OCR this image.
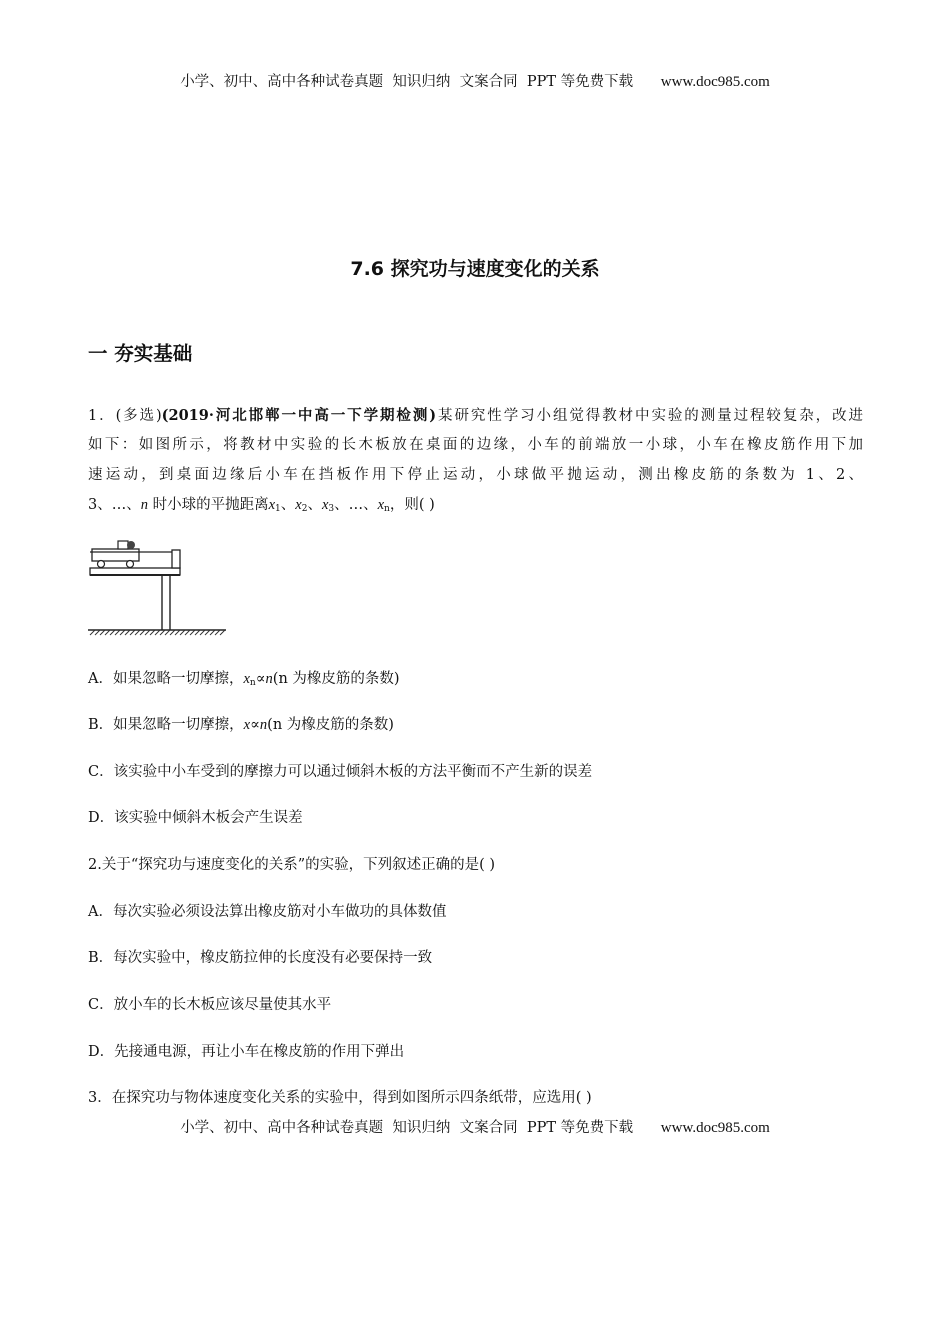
小学、初中、高中各种试卷真题  知识归纳  文案合同  PPT 等免费下载 www.doc985.com
7.6 探究功与速度变化的关系
一 夯实基础
1．(多选)(2019·河北邯郸一中高一下学期检测)某研究性学习小组觉得教材中实验的测量过程较复杂，改进
如下：如图所示，将教材中实验的长木板放在桌面的边缘，小车的前端放一小球，小车在橡皮筋作用下加
速运动，到桌面边缘后小车在挡板作用下停止运动，小球做平抛运动，测出橡皮筋的条数为 1、2、
3、…、n 时小球的平抛距离$x_1$、$x_2$、$x_3$、…、$x_n$，则( )
A．如果忽略一切摩擦，$x_n\propto n(n$ 为橡皮筋的条数)
B．如果忽略一切摩擦，x∝n(n 为橡皮筋的条数)
C．该实验中小车受到的摩擦力可以通过倾斜木板的方法平衡而不产生新的误差
D．该实验中倾斜木板会产生误差
2.关于“探究功与速度变化的关系”的实验，下列叙述正确的是( )
A．每次实验必须设法算出橡皮筋对小车做功的具体数值
B．每次实验中，橡皮筋拉伸的长度没有必要保持一致
C．放小车的长木板应该尽量使其水平
D．先接通电源，再让小车在橡皮筋的作用下弹出
3．在探究功与物体速度变化关系的实验中，得到如图所示四条纸带，应选用( )
小学、初中、高中各种试卷真题  知识归纳  文案合同  PPT 等免费下载 www.doc985.com
